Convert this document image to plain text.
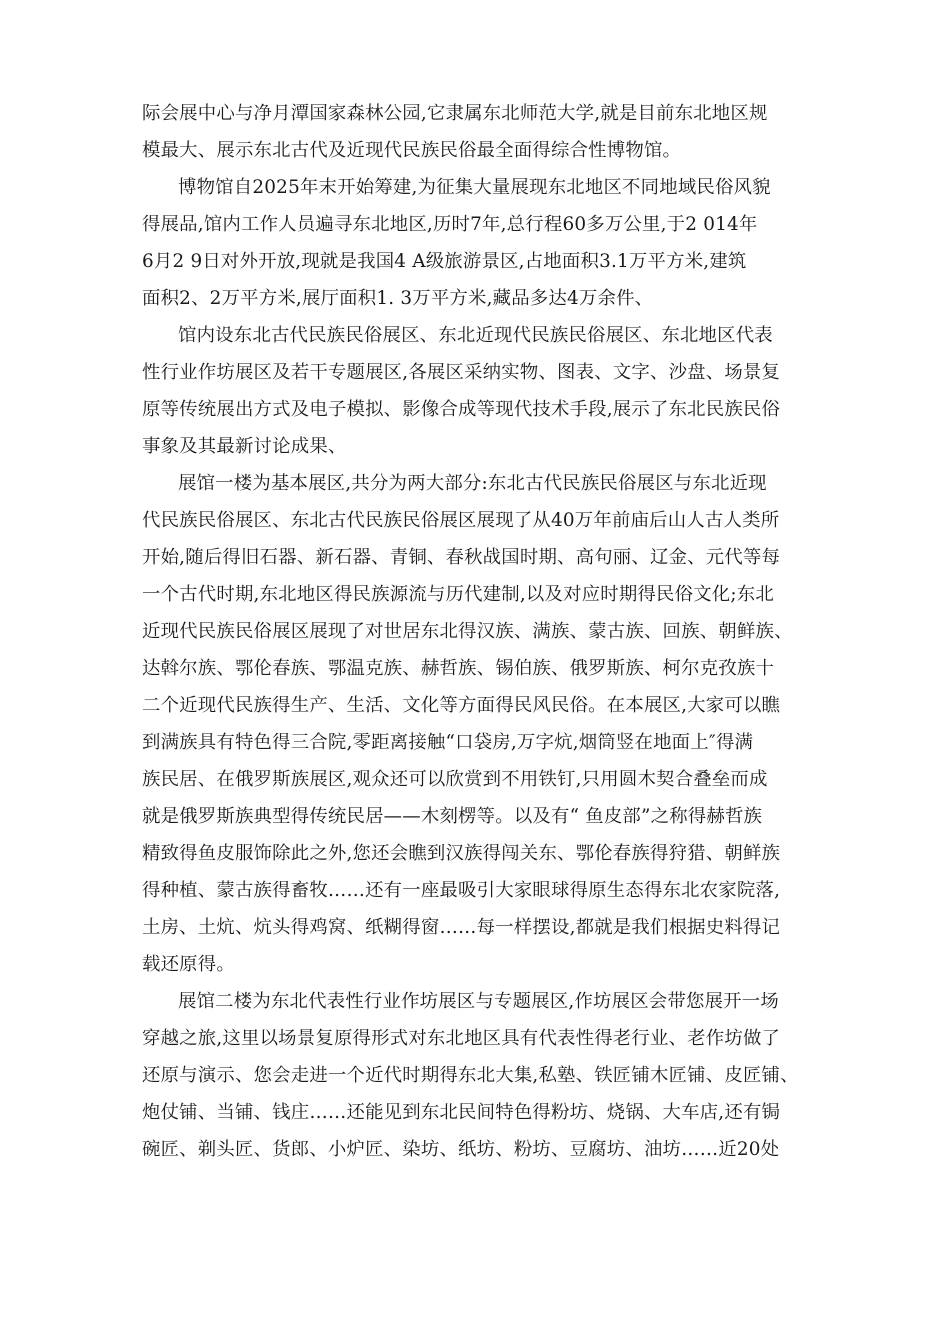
际会展中心与净月潭国家森林公园,它隶属东北师范大学,就是目前东北地区规
模最大、展示东北古代及近现代民族民俗最全面得综合性博物馆。
博物馆自2025年末开始筹建,为征集大量展现东北地区不同地域民俗风貌
得展品,馆内工作人员遍寻东北地区,历时7年,总行程60多万公里,于2 014年
6月2 9日对外开放,现就是我国4 A级旅游景区,占地面积3.1万平方米,建筑
面积2、2万平方米,展厅面积1. 3万平方米,藏品多达4万余件、
馆内设东北古代民族民俗展区、东北近现代民族民俗展区、东北地区代表
性行业作坊展区及若干专题展区,各展区采纳实物、图表、文字、沙盘、场景复
原等传统展出方式及电子模拟、影像合成等现代技术手段,展示了东北民族民俗
事象及其最新讨论成果、
展馆一楼为基本展区,共分为两大部分:东北古代民族民俗展区与东北近现
代民族民俗展区、东北古代民族民俗展区展现了从40万年前庙后山人古人类所
开始,随后得旧石器、新石器、青铜、春秋战国时期、高句丽、辽金、元代等每
一个古代时期,东北地区得民族源流与历代建制,以及对应时期得民俗文化;东北
近现代民族民俗展区展现了对世居东北得汉族、满族、蒙古族、回族、朝鲜族、
达斡尔族、鄂伦春族、鄂温克族、赫哲族、锡伯族、俄罗斯族、柯尔克孜族十
二个近现代民族得生产、生活、文化等方面得民风民俗。在本展区,大家可以瞧
到满族具有特色得三合院,零距离接触“口袋房,万字炕,烟筒竖在地面上″得满
族民居、在俄罗斯族展区,观众还可以欣赏到不用铁钉,只用圆木契合叠垒而成
就是俄罗斯族典型得传统民居——木刻楞等。以及有“ 鱼皮部”之称得赫哲族
精致得鱼皮服饰除此之外,您还会瞧到汉族得闯关东、鄂伦春族得狩猎、朝鲜族
得种植、蒙古族得畜牧……还有一座最吸引大家眼球得原生态得东北农家院落,
土房、土炕、炕头得鸡窝、纸糊得窗……每一样摆设,都就是我们根据史料得记
载还原得。
展馆二楼为东北代表性行业作坊展区与专题展区,作坊展区会带您展开一场
穿越之旅,这里以场景复原得形式对东北地区具有代表性得老行业、老作坊做了
还原与演示、您会走进一个近代时期得东北大集,私塾、铁匠铺木匠铺、皮匠铺、
炮仗铺、当铺、钱庄……还能见到东北民间特色得粉坊、烧锅、大车店,还有锔
碗匠、剃头匠、货郎、小炉匠、染坊、纸坊、粉坊、豆腐坊、油坊……近20处
